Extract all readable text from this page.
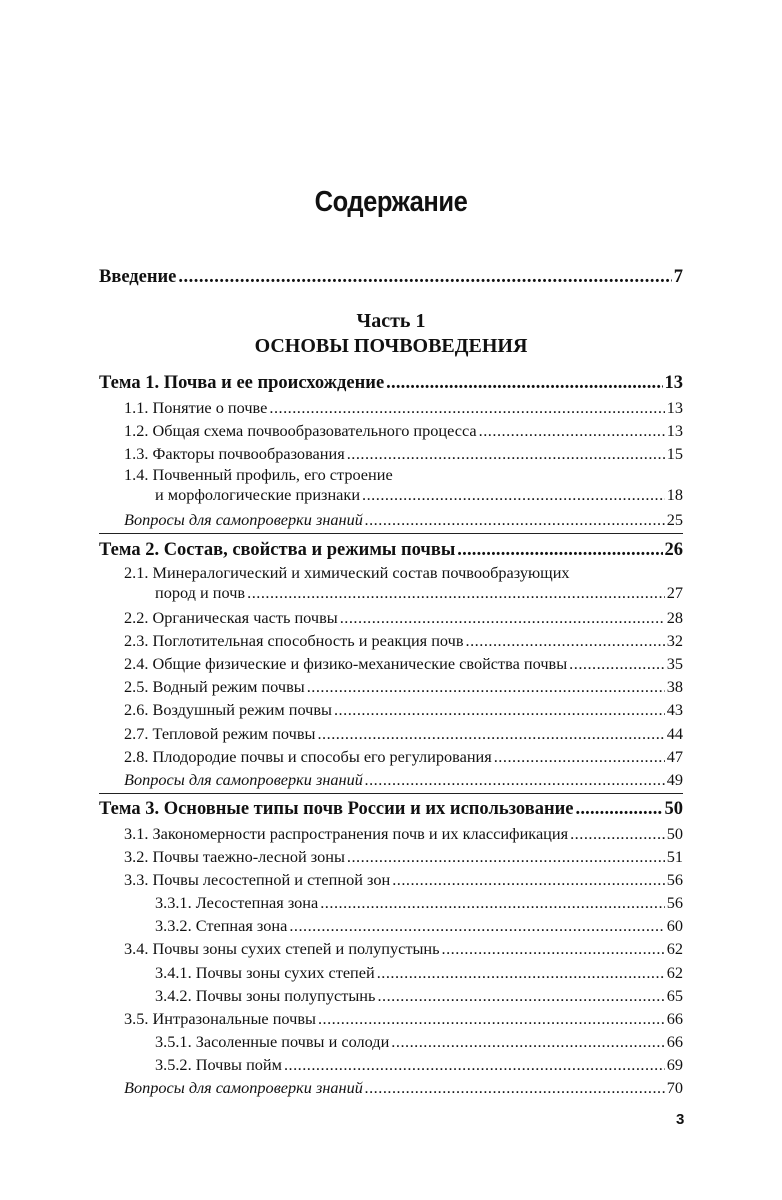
Содержание
Введение .....	7
Часть 1
ОСНОВЫ ПОЧВОВЕДЕНИЯ
Тема 1. Почва и ее происхождение .....	13
1.1. Понятие о почве .....	13
1.2. Общая схема почвообразовательного процесса .....	13
1.3. Факторы почвообразования .....	15
1.4. Почвенный профиль, его строение
и морфологические признаки .....	18
Вопросы для самопроверки знаний .....	25
Тема 2. Состав, свойства и режимы почвы .....	26
2.1. Минералогический и химический состав почвообразующих
пород и почв .....	27
2.2. Органическая часть почвы .....	28
2.3. Поглотительная способность и реакция почв .....	32
2.4. Общие физические и физико-механические свойства почвы .....	35
2.5. Водный режим почвы .....	38
2.6. Воздушный режим почвы .....	43
2.7. Тепловой режим почвы .....	44
2.8. Плодородие почвы и способы его регулирования .....	47
Вопросы для самопроверки знаний .....	49
Тема 3. Основные типы почв России и их использование .....	50
3.1. Закономерности распространения почв и их классификация .....	50
3.2. Почвы таежно-лесной зоны .....	51
3.3. Почвы лесостепной и степной зон .....	56
3.3.1. Лесостепная зона .....	56
3.3.2. Степная зона .....	60
3.4. Почвы зоны сухих степей и полупустынь .....	62
3.4.1. Почвы зоны сухих степей .....	62
3.4.2. Почвы зоны полупустынь .....	65
3.5. Интразональные почвы .....	66
3.5.1. Засоленные почвы и солоди .....	66
3.5.2. Почвы пойм .....	69
Вопросы для самопроверки знаний .....	70
3
